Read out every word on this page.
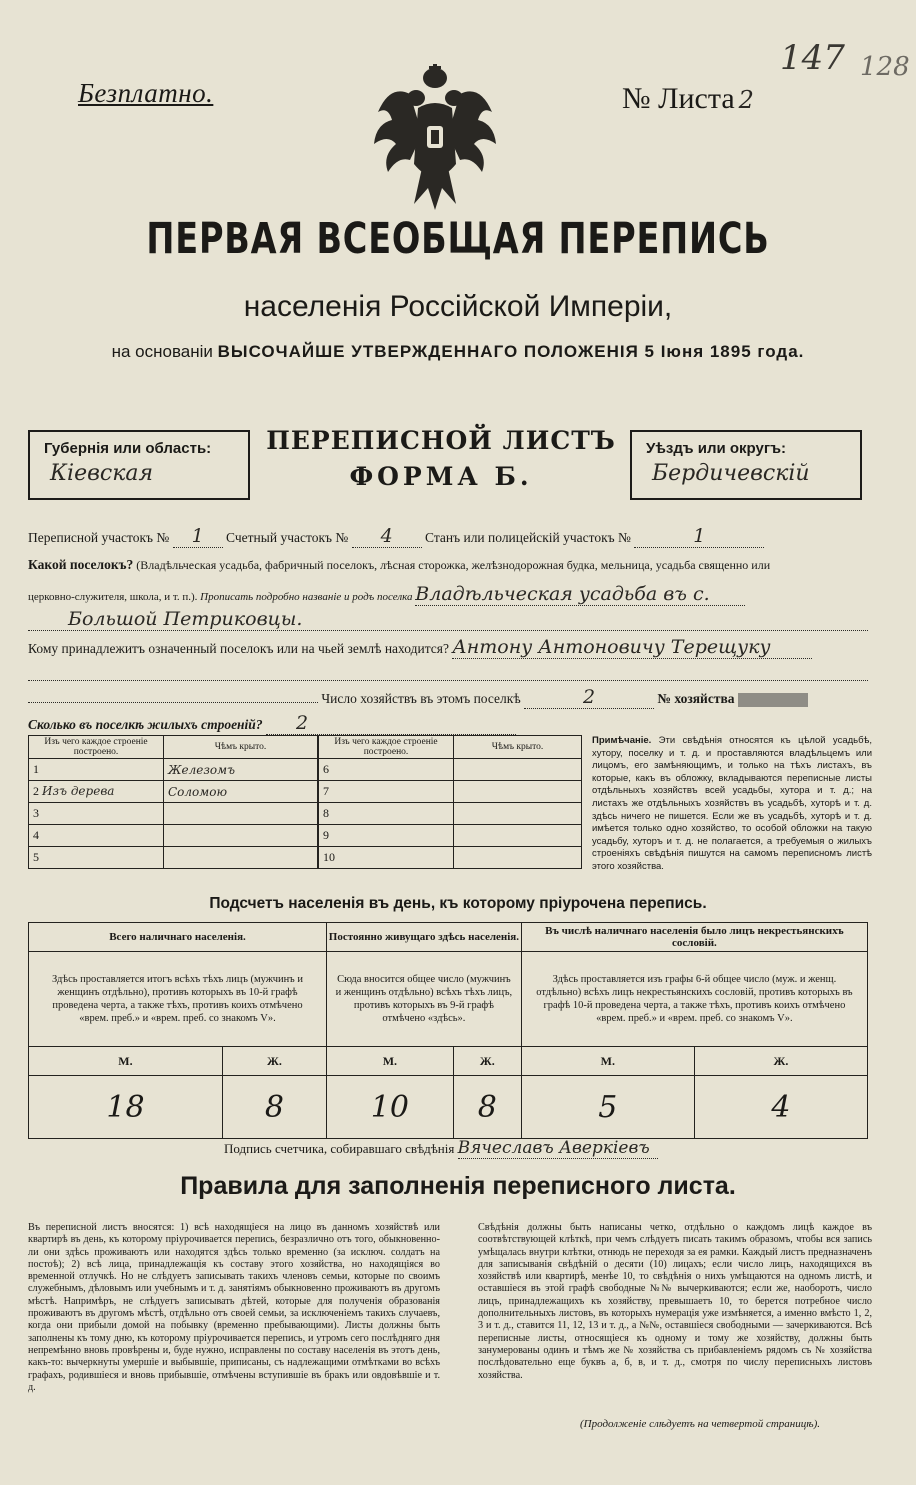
Безплатно.	№ Листа 2
147 128
ПЕРВАЯ ВСЕОБЩАЯ ПЕРЕПИСЬ
населенія Россійской Имперіи,
на основаніи ВЫСОЧАЙШЕ УТВЕРЖДЕННАГО ПОЛОЖЕНІЯ 5 Іюня 1895 года.
Губернія или область:
Кіевская
ПЕРЕПИСНОЙ ЛИСТЪ
ФОРМА Б.
Уѣздъ или округъ:
Бердичевскій
Переписной участокъ № 1 Счетный участокъ № 4 Станъ или полицейскій участокъ №	1
Какой поселокъ? (Владѣльческая усадьба, фабричный поселокъ, лѣсная сторожка, желѣзнодорожная будка, мельница, усадьба священно или
церковно-служителя, школа, и т. п.). Прописать подробно названіе и родъ поселка Владѣльческая усадьба въ с.
Большой Петриковцы.
Кому принадлежитъ означенный поселокъ или на чьей землѣ находится? Антону Антоновичу Терещуку
Число хозяйствъ въ этомъ поселкѣ	2	№ хозяйства
Сколько въ поселкѣ жилыхъ строеній? 2
Изъ чего каждое строеніе построено.	Чѣмъ крыто.
1	Железомъ
2 Изъ дерева	Соломою
3	
4	
5	
Изъ чего каждое строеніе построено.	Чѣмъ крыто.
6	
7	
8	
9	
10	
Примѣчаніе. Эти свѣдѣнія относятся къ цѣлой усадьбѣ, хутору, поселку и т. д. и проставляются владѣльцемъ или лицомъ, его замѣняющимъ, и только на тѣхъ листахъ, въ которые, какъ въ обложку, вкладываются переписные листы отдѣльныхъ хозяйствъ всей усадьбы, хутора и т. д.; на листахъ же отдѣльныхъ хозяйствъ въ усадьбѣ, хуторѣ и т. д. здѣсь ничего не пишется. Если же въ усадьбѣ, хуторѣ и т. д. имѣется только одно хозяйство, то особой обложки на такую усадьбу, хуторъ и т. д. не полагается, а требуемыя о жилыхъ строеніяхъ свѣдѣнія пишутся на самомъ переписномъ листѣ этого хозяйства.
Подсчетъ населенія въ день, къ которому пріурочена перепись.
Всего наличнаго населенія.		Постоянно живущаго здѣсь населенія.		Въ числѣ наличнаго населенія было лицъ некрестьянскихъ сословій.	
Здѣсь проставляется итогъ всѣхъ тѣхъ лицъ (мужчинъ и женщинъ отдѣльно), противъ которыхъ въ 10-й графѣ проведена черта, а также тѣхъ, противъ коихъ отмѣчено «врем. преб.» и «врем. преб. со знакомъ V».		Сюда вносится общее число (мужчинъ и женщинъ отдѣльно) всѣхъ тѣхъ лицъ, противъ которыхъ въ 9-й графѣ отмѣчено «здѣсь».		Здѣсь проставляется изъ графы 6-й общее число (муж. и женщ. отдѣльно) всѣхъ лицъ некрестьянскихъ сословій, противъ которыхъ въ графѣ 10-й проведена черта, а также тѣхъ, противъ коихъ отмѣчено «врем. преб.» и «врем. преб. со знакомъ V».	
М.	Ж.	М.	Ж.	М.	Ж.
18	8	10	8	5	4
Подпись счетчика, собиравшаго свѣдѣнія Вячеславъ Аверкіевъ
Правила для заполненія переписного листа.
Въ переписной листъ вносятся: 1) всѣ находящіеся на лицо въ данномъ хозяйствѣ или квартирѣ въ день, къ которому пріурочивается перепись, безразлично отъ того, обыкновенно-ли они здѣсь проживаютъ или находятся здѣсь только временно (за исключ. солдатъ на постоѣ); 2) всѣ лица, принадлежащія къ составу этого хозяйства, но находящіяся во временной отлучкѣ. Но не слѣдуетъ записывать такихъ членовъ семьи, которые по своимъ служебнымъ, дѣловымъ или учебнымъ и т. д. занятіямъ обыкновенно проживаютъ въ другомъ мѣстѣ. Напримѣръ, не слѣдуетъ записывать дѣтей, которые для полученія образованія проживаютъ въ другомъ мѣстѣ, отдѣльно отъ своей семьи, за исключеніемъ такихъ случаевъ, когда они прибыли домой на побывку (временно пребывающими). Листы должны быть заполнены къ тому дню, къ которому пріурочивается перепись, и утромъ сего послѣдняго дня непремѣнно вновь провѣрены и, буде нужно, исправлены по составу населенія въ этотъ день, какъ-то: вычеркнуты умершіе и выбывшіе, приписаны, съ надлежащими отмѣтками во всѣхъ графахъ, родившіеся и вновь прибывшіе, отмѣчены вступившіе въ бракъ или овдовѣвшіе и т. д.
Свѣдѣнія должны быть написаны четко, отдѣльно о каждомъ лицѣ каждое въ соотвѣтствующей клѣткѣ, при чемъ слѣдуетъ писать такимъ образомъ, чтобы вся запись умѣщалась внутри клѣтки, отнюдь не переходя за ея рамки. Каждый листъ предназначенъ для записыванія свѣдѣній о десяти (10) лицахъ; если число лицъ, находящихся въ хозяйствѣ или квартирѣ, менѣе 10, то свѣдѣнія о нихъ умѣщаются на одномъ листѣ, и оставшіеся въ этой графѣ свободные №№ вычеркиваются; если же, наоборотъ, число лицъ, принадлежащихъ къ хозяйству, превышаетъ 10, то берется потребное число дополнительныхъ листовъ, въ которыхъ нумерація уже измѣняется, а именно вмѣсто 1, 2, 3 и т. д., ставится 11, 12, 13 и т. д., а №№, оставшіеся свободными — зачеркиваются. Всѣ переписные листы, относящіеся къ одному и тому же хозяйству, должны быть занумерованы одинъ и тѣмъ же № хозяйства съ прибавленіемъ рядомъ съ № хозяйства послѣдовательно еще буквъ а, б, в, и т. д., смотря по числу переписныхъ листовъ хозяйства.
(Продолженіе слѣдуетъ на четвертой страницѣ).
